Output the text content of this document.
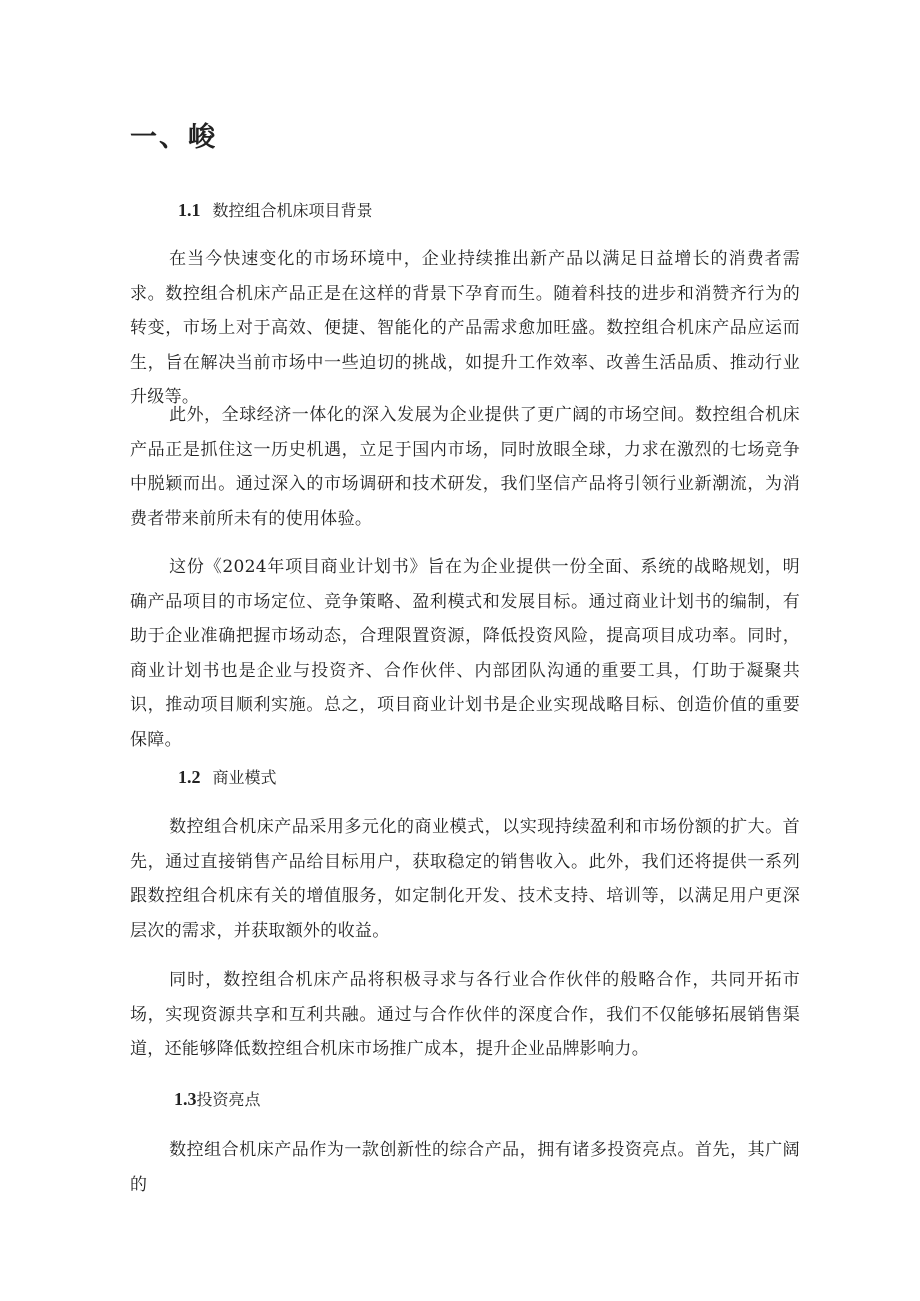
一、峻
1.1 数控组合机床项目背景

在当今快速变化的市场环境中，企业持续推出新产品以满足日益增长的消费者需求。数控组合机床产品正是在这样的背景下孕育而生。随着科技的进步和消赞齐行为的转变，市场上对于高效、便捷、智能化的产品需求愈加旺盛。数控组合机床产品应运而生，旨在解决当前市场中一些迫切的挑战，如提升工作效率、改善生活品质、推动行业升级等。

此外，全球经济一体化的深入发展为企业提供了更广阔的市场空间。数控组合机床产品正是抓住这一历史机遇，立足于国内市场，同时放眼全球，力求在激烈的七场竞争中脱颖而出。通过深入的市场调研和技术研发，我们坚信产品将引领行业新潮流，为消费者带来前所未有的使用体验。

这份《2024年项目商业计划书》旨在为企业提供一份全面、系统的战略规划，明确产品项目的市场定位、竞争策略、盈利模式和发展目标。通过商业计划书的编制，有助于企业准确把握市场动态，合理限置资源，降低投资风险，提高项目成功率。同时，商业计划书也是企业与投资齐、合作伙伴、内部团队沟通的重要工具，仃助于凝聚共识，推动项目顺利实施。总之，项目商业计划书是企业实现战略目标、创造价值的重要保障。

1.2 商业模式

数控组合机床产品采用多元化的商业模式，以实现持续盈利和市场份额的扩大。首先，通过直接销售产品给目标用户，获取稳定的销售收入。此外，我们还将提供一系列跟数控组合机床有关的增值服务，如定制化开发、技术支持、培训等，以满足用户更深层次的需求，并获取额外的收益。

同时，数控组合机床产品将积极寻求与各行业合作伙伴的般略合作，共同开拓市场，实现资源共享和互利共融。通过与合作伙伴的深度合作，我们不仅能够拓展销售渠道，还能够降低数控组合机床市场推广成本，提升企业品牌影响力。

1.3投资亮点

数控组合机床产品作为一款创新性的综合产品，拥有诸多投资亮点。首先，其广阔的
